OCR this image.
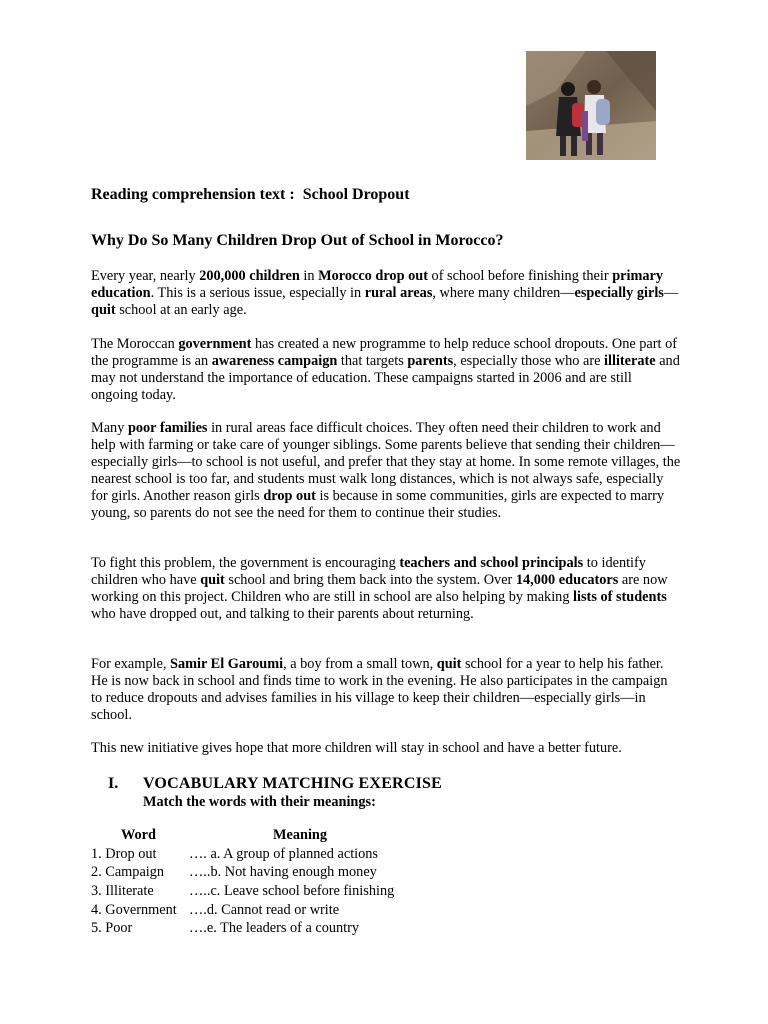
Reading comprehension text :  School Dropout
Why Do So Many Children Drop Out of School in Morocco?

Every year, nearly 200,000 children in Morocco drop out of school before finishing their primary education. This is a serious issue, especially in rural areas, where many children—especially girls—quit school at an early age.

The Moroccan government has created a new programme to help reduce school dropouts. One part of the programme is an awareness campaign that targets parents, especially those who are illiterate and may not understand the importance of education. These campaigns started in 2006 and are still ongoing today.

Many poor families in rural areas face difficult choices. They often need their children to work and help with farming or take care of younger siblings. Some parents believe that sending their children—especially girls—to school is not useful, and prefer that they stay at home. In some remote villages, the nearest school is too far, and students must walk long distances, which is not always safe, especially for girls. Another reason girls drop out is because in some communities, girls are expected to marry young, so parents do not see the need for them to continue their studies.

To fight this problem, the government is encouraging teachers and school principals to identify children who have quit school and bring them back into the system. Over 14,000 educators are now working on this project. Children who are still in school are also helping by making lists of students who have dropped out, and talking to their parents about returning.

For example, Samir El Garoumi, a boy from a small town, quit school for a year to help his father. He is now back in school and finds time to work in the evening. He also participates in the campaign to reduce dropouts and advises families in his village to keep their children—especially girls—in school.

This new initiative gives hope that more children will stay in school and have a better future.

I. VOCABULARY MATCHING EXERCISE
Match the words with their meanings:
Word	Meaning
1. Drop out …. a. A group of planned actions
2. Campaign …..b. Not having enough money
3. Illiterate …..c. Leave school before finishing
4. Government ….d. Cannot read or write
5. Poor	….e. The leaders of a country
